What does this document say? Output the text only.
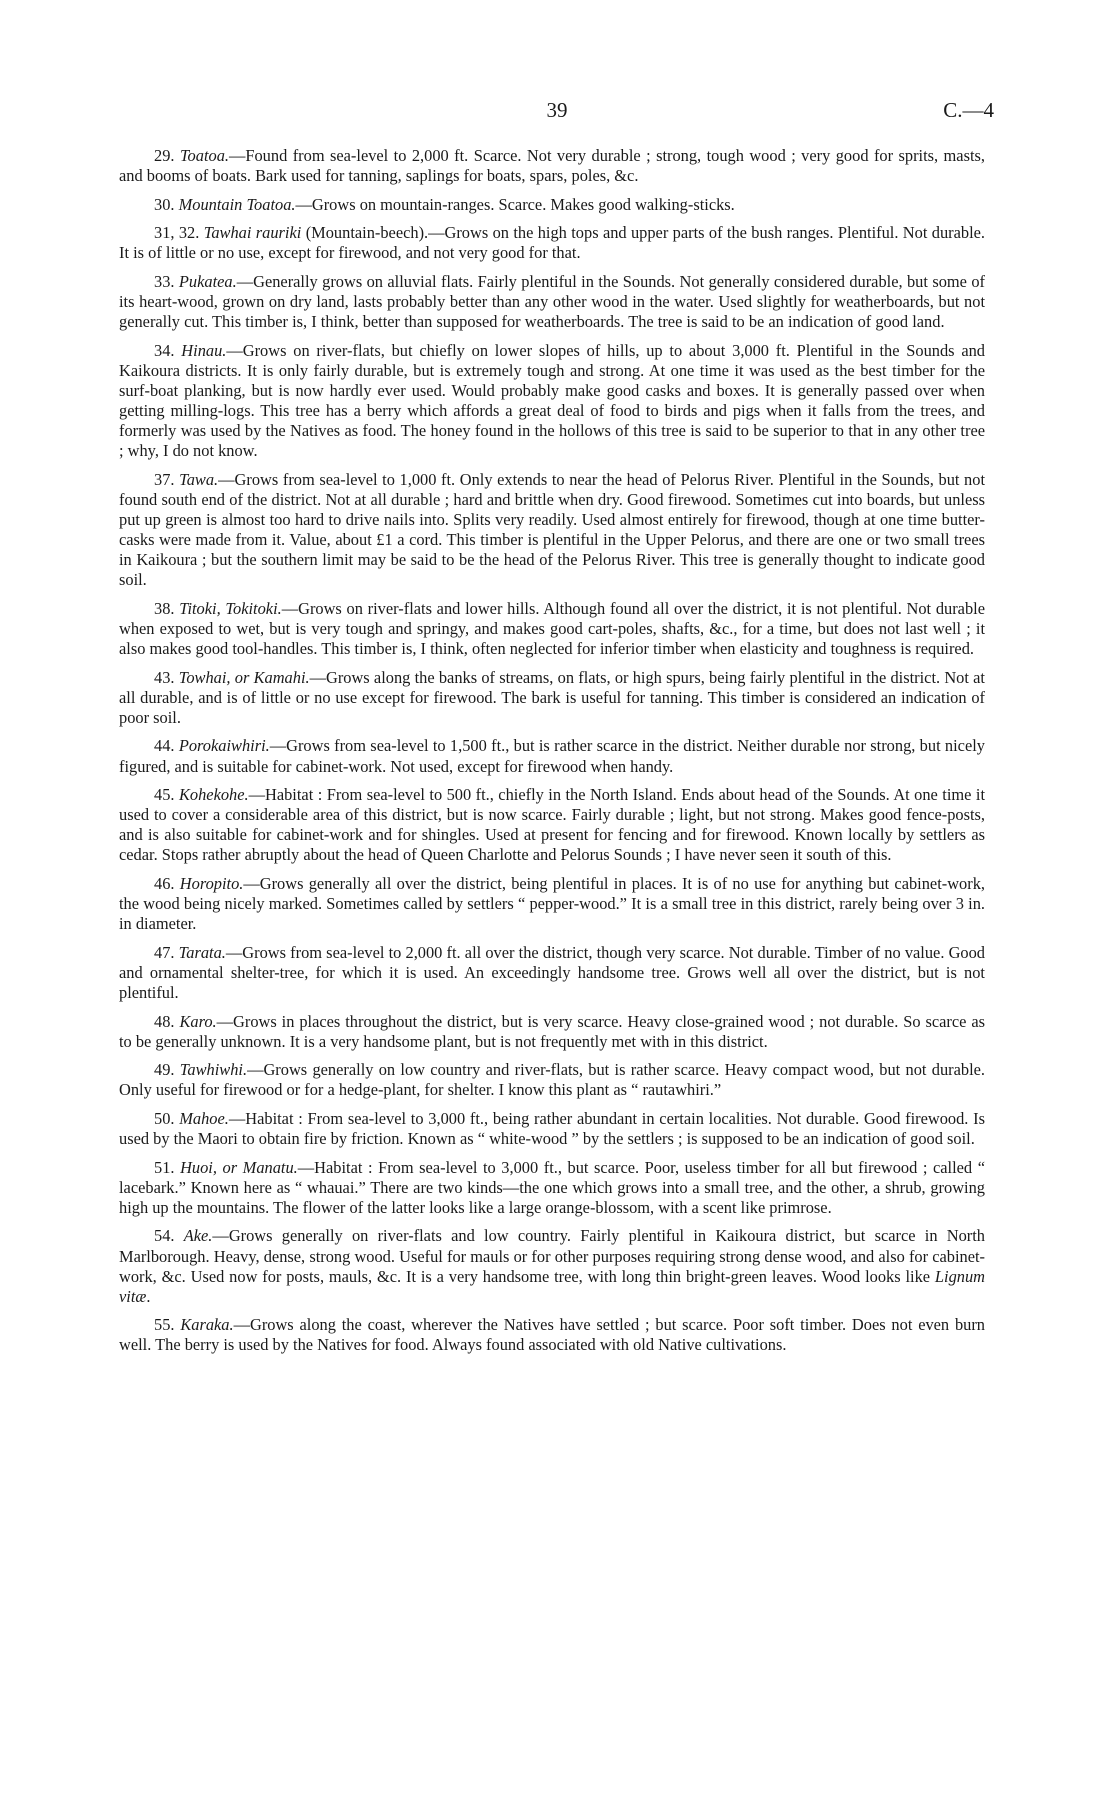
39	C.—4

29. Toatoa.—Found from sea-level to 2,000 ft. Scarce. Not very durable ; strong, tough wood ; very good for sprits, masts, and booms of boats. Bark used for tanning, saplings for boats, spars, poles, &c.

30. Mountain Toatoa.—Grows on mountain-ranges. Scarce. Makes good walking-sticks.

31, 32. Tawhai rauriki (Mountain-beech).—Grows on the high tops and upper parts of the bush ranges. Plentiful. Not durable. It is of little or no use, except for firewood, and not very good for that.

33. Pukatea.—Generally grows on alluvial flats. Fairly plentiful in the Sounds. Not generally considered durable, but some of its heart-wood, grown on dry land, lasts probably better than any other wood in the water. Used slightly for weatherboards, but not generally cut. This timber is, I think, better than supposed for weatherboards. The tree is said to be an indication of good land.

34. Hinau.—Grows on river-flats, but chiefly on lower slopes of hills, up to about 3,000 ft. Plentiful in the Sounds and Kaikoura districts. It is only fairly durable, but is extremely tough and strong. At one time it was used as the best timber for the surf-boat planking, but is now hardly ever used. Would probably make good casks and boxes. It is generally passed over when getting milling-logs. This tree has a berry which affords a great deal of food to birds and pigs when it falls from the trees, and formerly was used by the Natives as food. The honey found in the hollows of this tree is said to be superior to that in any other tree ; why, I do not know.

37. Tawa.—Grows from sea-level to 1,000 ft. Only extends to near the head of Pelorus River. Plentiful in the Sounds, but not found south end of the district. Not at all durable ; hard and brittle when dry. Good firewood. Sometimes cut into boards, but unless put up green is almost too hard to drive nails into. Splits very readily. Used almost entirely for firewood, though at one time butter-casks were made from it. Value, about £1 a cord. This timber is plentiful in the Upper Pelorus, and there are one or two small trees in Kaikoura ; but the southern limit may be said to be the head of the Pelorus River. This tree is generally thought to indicate good soil.

38. Titoki, Tokitoki.—Grows on river-flats and lower hills. Although found all over the district, it is not plentiful. Not durable when exposed to wet, but is very tough and springy, and makes good cart-poles, shafts, &c., for a time, but does not last well ; it also makes good tool-handles. This timber is, I think, often neglected for inferior timber when elasticity and toughness is required.

43. Towhai, or Kamahi.—Grows along the banks of streams, on flats, or high spurs, being fairly plentiful in the district. Not at all durable, and is of little or no use except for firewood. The bark is useful for tanning. This timber is considered an indication of poor soil.

44. Porokaiwhiri.—Grows from sea-level to 1,500 ft., but is rather scarce in the district. Neither durable nor strong, but nicely figured, and is suitable for cabinet-work. Not used, except for firewood when handy.

45. Kohekohe.—Habitat : From sea-level to 500 ft., chiefly in the North Island. Ends about head of the Sounds. At one time it used to cover a considerable area of this district, but is now scarce. Fairly durable ; light, but not strong. Makes good fence-posts, and is also suitable for cabinet-work and for shingles. Used at present for fencing and for firewood. Known locally by settlers as cedar. Stops rather abruptly about the head of Queen Charlotte and Pelorus Sounds ; I have never seen it south of this.

46. Horopito.—Grows generally all over the district, being plentiful in places. It is of no use for anything but cabinet-work, the wood being nicely marked. Sometimes called by settlers “ pepper-wood.” It is a small tree in this district, rarely being over 3 in. in diameter.

47. Tarata.—Grows from sea-level to 2,000 ft. all over the district, though very scarce. Not durable. Timber of no value. Good and ornamental shelter-tree, for which it is used. An exceedingly handsome tree. Grows well all over the district, but is not plentiful.

48. Karo.—Grows in places throughout the district, but is very scarce. Heavy close-grained wood ; not durable. So scarce as to be generally unknown. It is a very handsome plant, but is not frequently met with in this district.

49. Tawhiwhi.—Grows generally on low country and river-flats, but is rather scarce. Heavy compact wood, but not durable. Only useful for firewood or for a hedge-plant, for shelter. I know this plant as “ rautawhiri.”

50. Mahoe.—Habitat : From sea-level to 3,000 ft., being rather abundant in certain localities. Not durable. Good firewood. Is used by the Maori to obtain fire by friction. Known as “ white-wood ” by the settlers ; is supposed to be an indication of good soil.

51. Huoi, or Manatu.—Habitat : From sea-level to 3,000 ft., but scarce. Poor, useless timber for all but firewood ; called “ lacebark.” Known here as “ whauai.” There are two kinds—the one which grows into a small tree, and the other, a shrub, growing high up the mountains. The flower of the latter looks like a large orange-blossom, with a scent like primrose.

54. Ake.—Grows generally on river-flats and low country. Fairly plentiful in Kaikoura district, but scarce in North Marlborough. Heavy, dense, strong wood. Useful for mauls or for other purposes requiring strong dense wood, and also for cabinet-work, &c. Used now for posts, mauls, &c. It is a very handsome tree, with long thin bright-green leaves. Wood looks like Lignum vitæ.

55. Karaka.—Grows along the coast, wherever the Natives have settled ; but scarce. Poor soft timber. Does not even burn well. The berry is used by the Natives for food. Always found associated with old Native cultivations.
